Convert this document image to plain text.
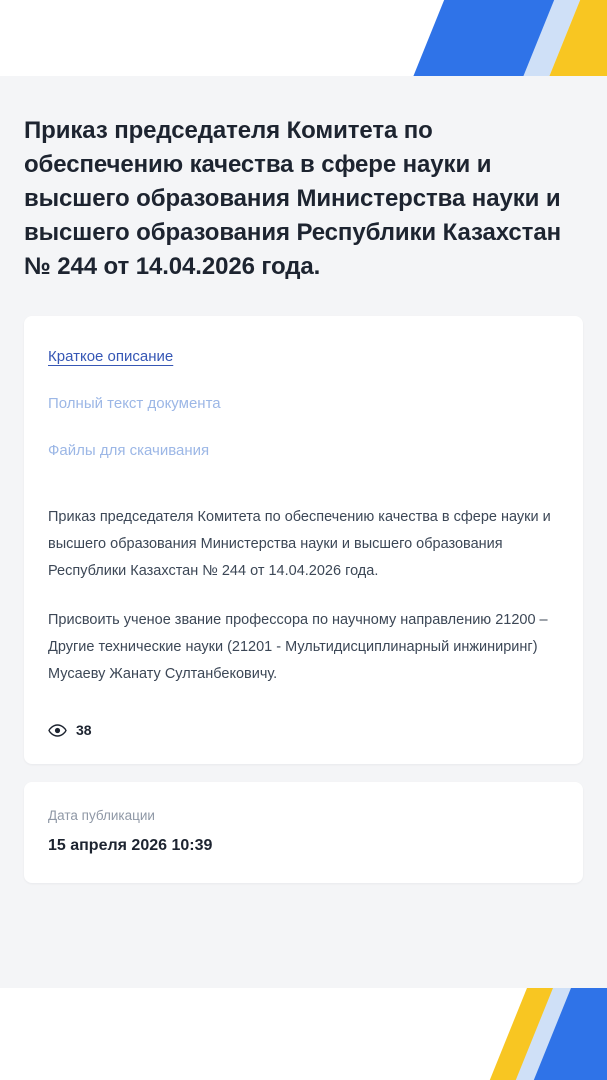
Приказ председателя Комитета по обеспечению качества в сфере науки и высшего образования Министерства науки и высшего образования Республики Казахстан № 244 от 14.04.2026 года.
Краткое описание
Полный текст документа
Файлы для скачивания

Приказ председателя Комитета по обеспечению качества в сфере науки и высшего образования Министерства науки и высшего образования Республики Казахстан № 244 от 14.04.2026 года.

Присвоить ученое звание профессора по научному направлению 21200 – Другие технические науки (21201 - Мультидисциплинарный инжиниринг) Мусаеву Жанату Султанбековичу.

38
Дата публикации
15 апреля 2026 10:39
